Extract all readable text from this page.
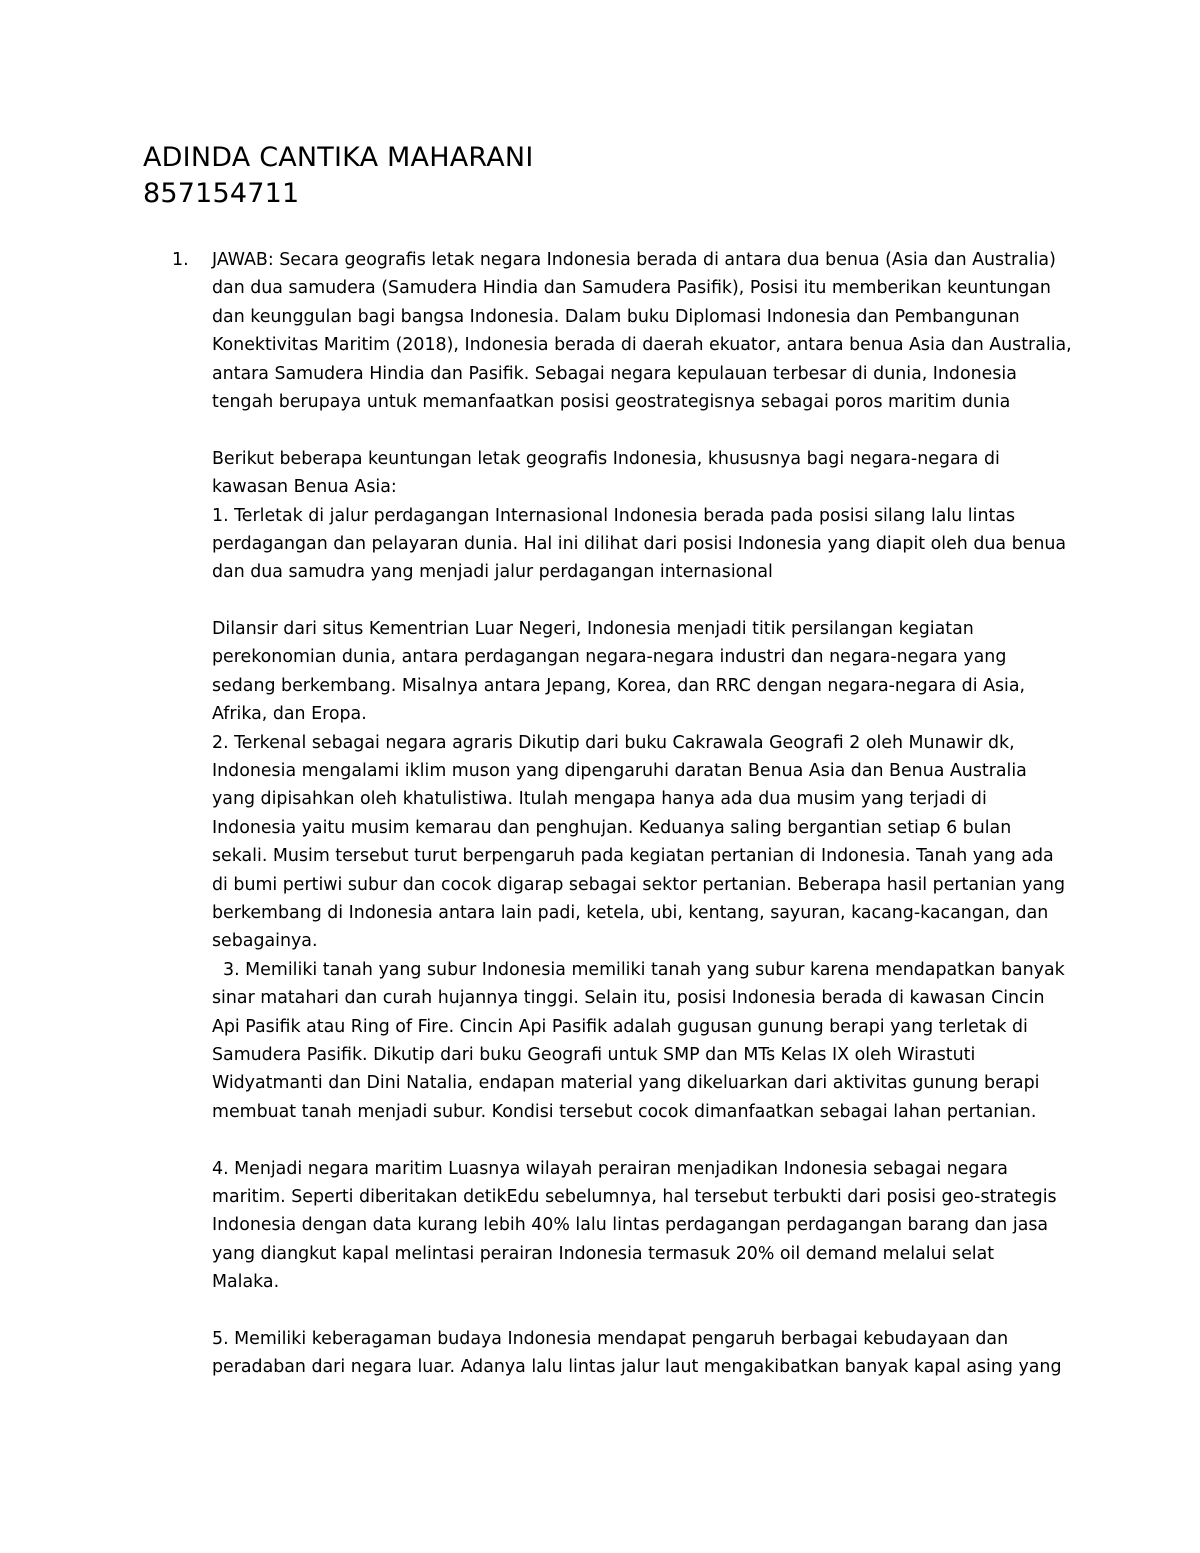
ADINDA CANTIKA MAHARANI
857154711
1. JAWAB: Secara geografis letak negara Indonesia berada di antara dua benua (Asia dan Australia)
dan dua samudera (Samudera Hindia dan Samudera Pasifik), Posisi itu memberikan keuntungan
dan keunggulan bagi bangsa Indonesia. Dalam buku Diplomasi Indonesia dan Pembangunan
Konektivitas Maritim (2018), Indonesia berada di daerah ekuator, antara benua Asia dan Australia,
antara Samudera Hindia dan Pasifik. Sebagai negara kepulauan terbesar di dunia, Indonesia
tengah berupaya untuk memanfaatkan posisi geostrategisnya sebagai poros maritim dunia
Berikut beberapa keuntungan letak geografis Indonesia, khususnya bagi negara-negara di
kawasan Benua Asia:
1. Terletak di jalur perdagangan Internasional Indonesia berada pada posisi silang lalu lintas
perdagangan dan pelayaran dunia. Hal ini dilihat dari posisi Indonesia yang diapit oleh dua benua
dan dua samudra yang menjadi jalur perdagangan internasional
Dilansir dari situs Kementrian Luar Negeri, Indonesia menjadi titik persilangan kegiatan
perekonomian dunia, antara perdagangan negara-negara industri dan negara-negara yang
sedang berkembang. Misalnya antara Jepang, Korea, dan RRC dengan negara-negara di Asia,
Afrika, dan Eropa.
2. Terkenal sebagai negara agraris Dikutip dari buku Cakrawala Geografi 2 oleh Munawir dk,
Indonesia mengalami iklim muson yang dipengaruhi daratan Benua Asia dan Benua Australia
yang dipisahkan oleh khatulistiwa. Itulah mengapa hanya ada dua musim yang terjadi di
Indonesia yaitu musim kemarau dan penghujan. Keduanya saling bergantian setiap 6 bulan
sekali. Musim tersebut turut berpengaruh pada kegiatan pertanian di Indonesia. Tanah yang ada
di bumi pertiwi subur dan cocok digarap sebagai sektor pertanian. Beberapa hasil pertanian yang
berkembang di Indonesia antara lain padi, ketela, ubi, kentang, sayuran, kacang-kacangan, dan
sebagainya.
3. Memiliki tanah yang subur Indonesia memiliki tanah yang subur karena mendapatkan banyak
sinar matahari dan curah hujannya tinggi. Selain itu, posisi Indonesia berada di kawasan Cincin
Api Pasifik atau Ring of Fire. Cincin Api Pasifik adalah gugusan gunung berapi yang terletak di
Samudera Pasifik. Dikutip dari buku Geografi untuk SMP dan MTs Kelas IX oleh Wirastuti
Widyatmanti dan Dini Natalia, endapan material yang dikeluarkan dari aktivitas gunung berapi
membuat tanah menjadi subur. Kondisi tersebut cocok dimanfaatkan sebagai lahan pertanian.
4. Menjadi negara maritim Luasnya wilayah perairan menjadikan Indonesia sebagai negara
maritim. Seperti diberitakan detikEdu sebelumnya, hal tersebut terbukti dari posisi geo-strategis
Indonesia dengan data kurang lebih 40% lalu lintas perdagangan perdagangan barang dan jasa
yang diangkut kapal melintasi perairan Indonesia termasuk 20% oil demand melalui selat
Malaka.
5. Memiliki keberagaman budaya Indonesia mendapat pengaruh berbagai kebudayaan dan
peradaban dari negara luar. Adanya lalu lintas jalur laut mengakibatkan banyak kapal asing yang
